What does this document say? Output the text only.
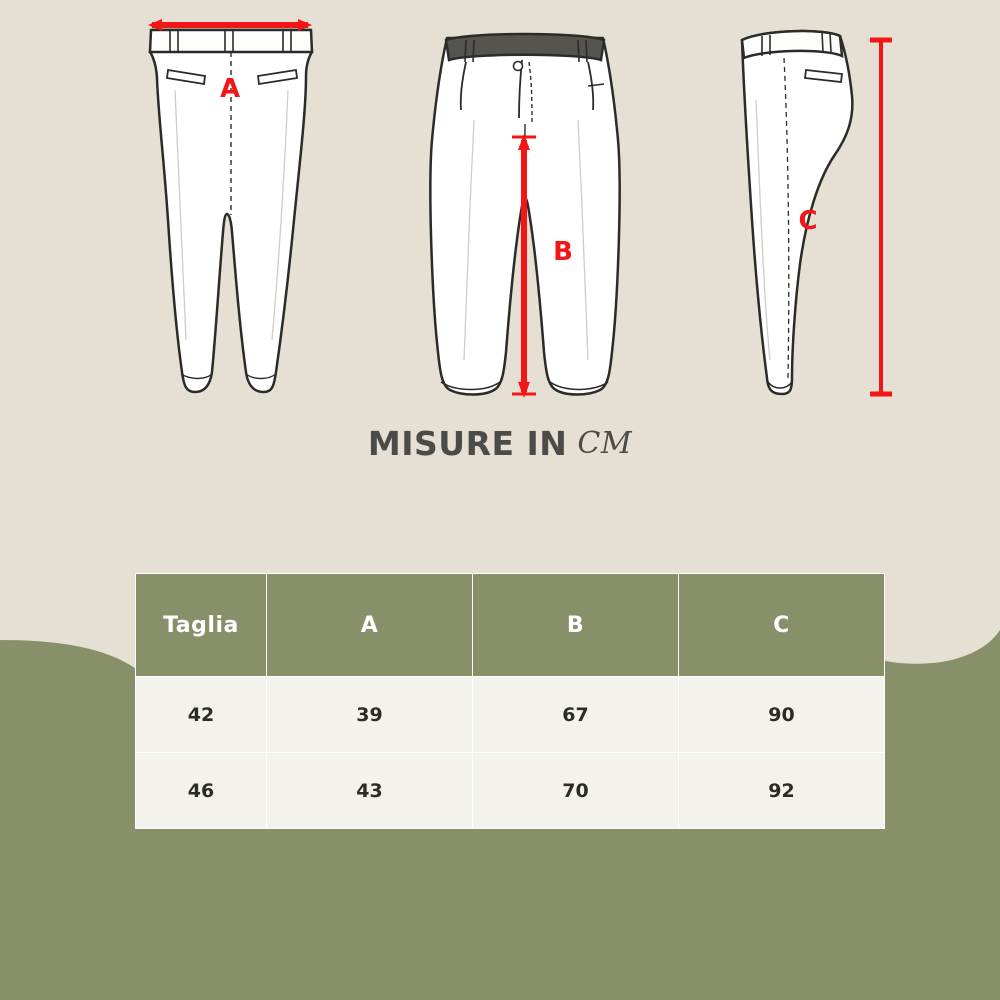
A
B
C
MISURE IN CM
Taglia	A	B	C
42	39	67	90
46	43	70	92
